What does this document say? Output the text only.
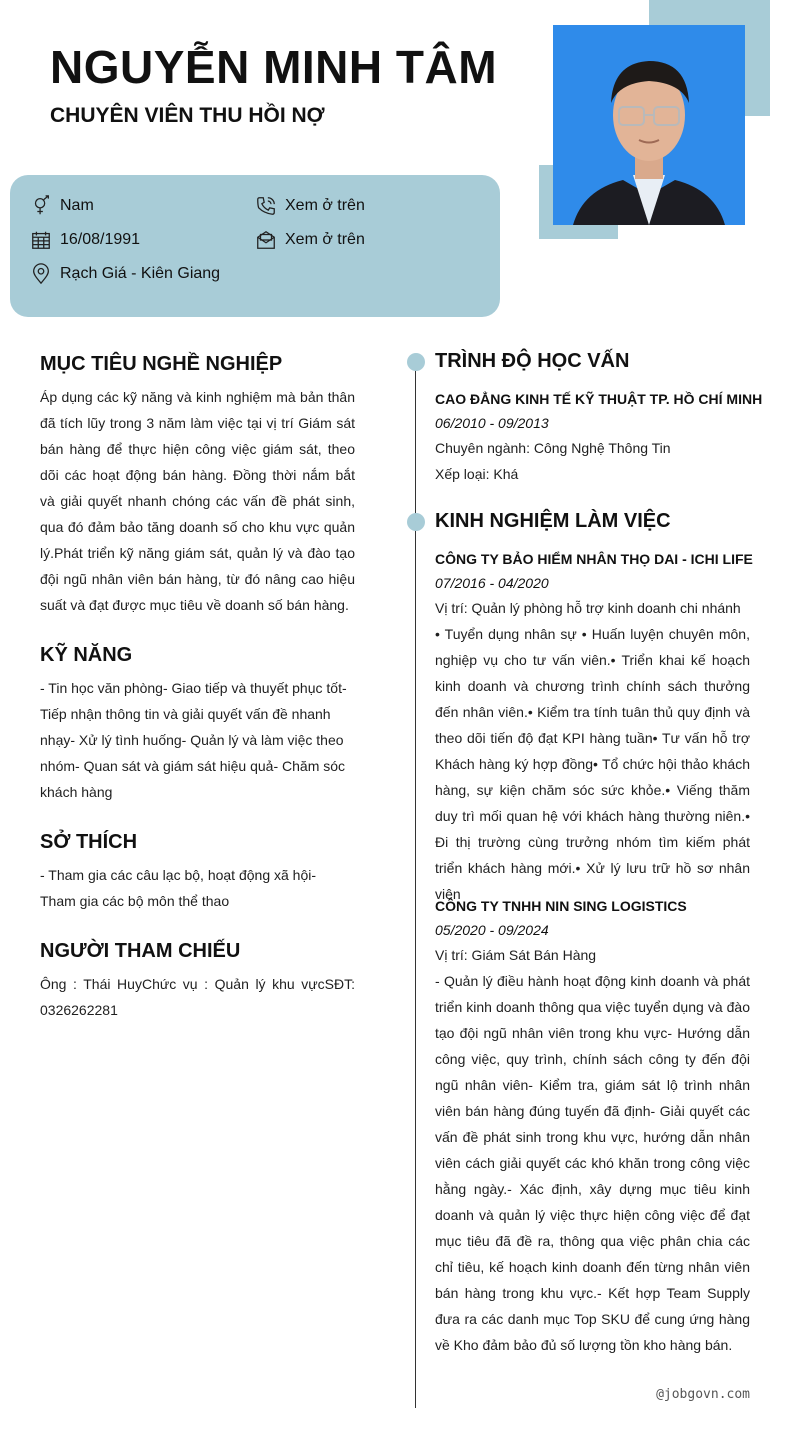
NGUYỄN MINH TÂM
CHUYÊN VIÊN THU HỒI NỢ
Nam
16/08/1991
Rạch Giá - Kiên Giang
Xem ở trên
Xem ở trên
MỤC TIÊU NGHỀ NGHIỆP
Áp dụng các kỹ năng và kinh nghiệm mà bản thân đã tích lũy trong 3 năm làm việc tại vị trí Giám sát bán hàng để thực hiện công việc giám sát, theo dõi các hoạt động bán hàng. Đồng thời nắm bắt và giải quyết nhanh chóng các vấn đề phát sinh, qua đó đảm bảo tăng doanh số cho khu vực quản lý.Phát triển kỹ năng giám sát, quản lý và đào tạo đội ngũ nhân viên bán hàng, từ đó nâng cao hiệu suất và đạt được mục tiêu về doanh số bán hàng.
KỸ NĂNG
- Tin học văn phòng- Giao tiếp và thuyết phục tốt- Tiếp nhận thông tin và giải quyết vấn đề nhanh nhạy- Xử lý tình huống- Quản lý và làm việc theo nhóm- Quan sát và giám sát hiệu quả- Chăm sóc khách hàng
SỞ THÍCH
- Tham gia các câu lạc bộ, hoạt động xã hội- Tham gia các bộ môn thể thao
NGƯỜI THAM CHIẾU
Ông : Thái HuyChức vụ : Quản lý khu vựcSĐT: 0326262281
TRÌNH ĐỘ HỌC VẤN
CAO ĐẲNG KINH TẾ KỸ THUẬT TP. HỒ CHÍ MINH
06/2010 - 09/2013
Chuyên ngành: Công Nghệ Thông Tin
Xếp loại: Khá
KINH NGHIỆM LÀM VIỆC
CÔNG TY BẢO HIỂM NHÂN THỌ DAI - ICHI LIFE
07/2016 - 04/2020
Vị trí: Quản lý phòng hỗ trợ kinh doanh chi nhánh
• Tuyển dụng nhân sự • Huấn luyện chuyên môn, nghiệp vụ cho tư vấn viên.• Triển khai kế hoạch kinh doanh và chương trình chính sách thưởng đến nhân viên.• Kiểm tra tính tuân thủ quy định và theo dõi tiến độ đạt KPI hàng tuần• Tư vấn hỗ trợ Khách hàng ký hợp đồng• Tổ chức hội thảo khách hàng, sự kiện chăm sóc sức khỏe.• Viếng thăm duy trì mối quan hệ với khách hàng thường niên.• Đi thị trường cùng trưởng nhóm tìm kiếm phát triển khách hàng mới.• Xử lý lưu trữ hồ sơ nhân viên
CÔNG TY TNHH NIN SING LOGISTICS
05/2020 - 09/2024
Vị trí: Giám Sát Bán Hàng
- Quản lý điều hành hoạt động kinh doanh và phát triển kinh doanh thông qua việc tuyển dụng và đào tạo đội ngũ nhân viên trong khu vực- Hướng dẫn công việc, quy trình, chính sách công ty đến đội ngũ nhân viên- Kiểm tra, giám sát lộ trình nhân viên bán hàng đúng tuyến đã định- Giải quyết các vấn đề phát sinh trong khu vực, hướng dẫn nhân viên cách giải quyết các khó khăn trong công việc hằng ngày.- Xác định, xây dựng mục tiêu kinh doanh và quản lý việc thực hiện công việc để đạt mục tiêu đã đề ra, thông qua việc phân chia các chỉ tiêu, kế hoạch kinh doanh đến từng nhân viên bán hàng trong khu vực.- Kết hợp Team Supply đưa ra các danh mục Top SKU để cung ứng hàng về Kho đảm bảo đủ số lượng tồn kho hàng bán.
@jobgovn.com
